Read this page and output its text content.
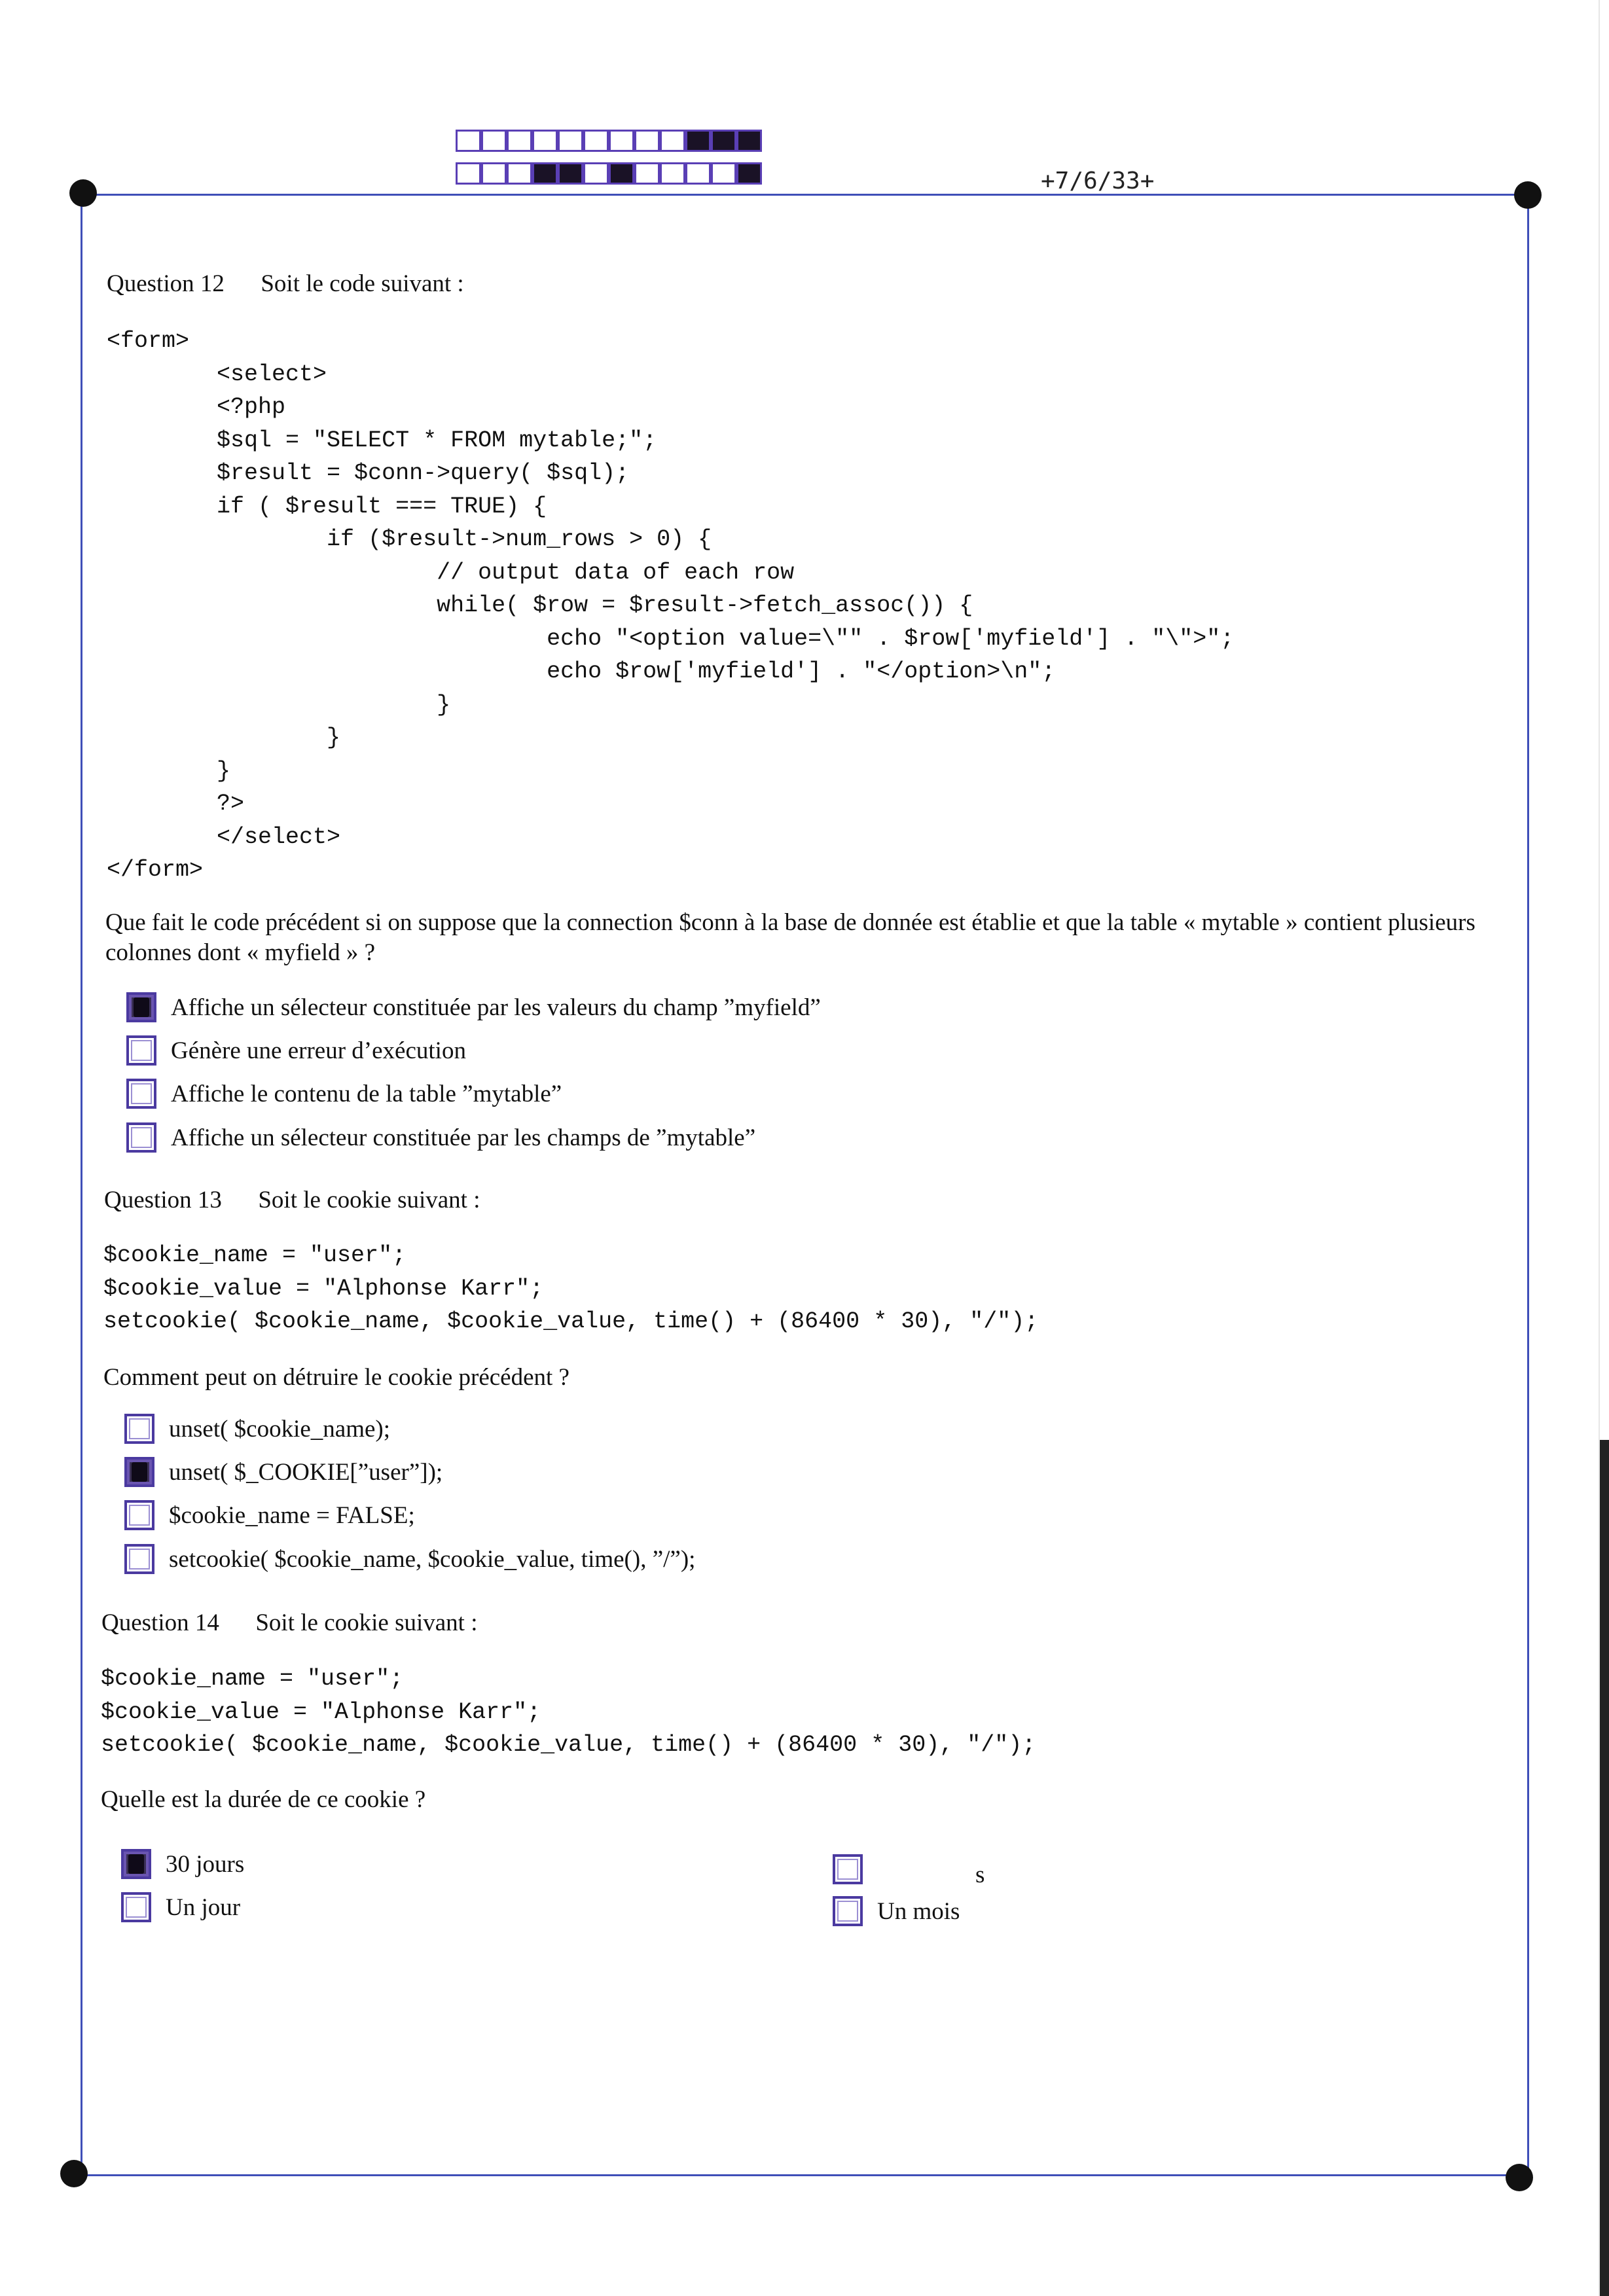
+7/6/33+
Question 12 Soit le code suivant :
<form>
<select>
<?php
$sql = "SELECT * FROM mytable;";
$result = $conn->query( $sql);
if ( $result === TRUE) {
if ($result->num_rows > 0) {
// output data of each row
while( $row = $result->fetch_assoc()) {
echo "<option value=\"" . $row['myfield'] . "\">";
echo $row['myfield'] . "</option>\n";
}
}
}
?>
</select>
</form>
Que fait le code précédent si on suppose que la connection $conn à la base de donnée est établie et que la table « mytable » contient plusieurs colonnes dont « myfield » ?
Affiche un sélecteur constituée par les valeurs du champ ”myfield”
Génère une erreur d’exécution
Affiche le contenu de la table ”mytable”
Affiche un sélecteur constituée par les champs de ”mytable”
Question 13 Soit le cookie suivant :
$cookie_name = "user";
$cookie_value = "Alphonse Karr";
setcookie( $cookie_name, $cookie_value, time() + (86400 * 30), "/");
Comment peut on détruire le cookie précédent ?
unset( $cookie_name);
unset( $_COOKIE[”user”]);
$cookie_name = FALSE;
setcookie( $cookie_name, $cookie_value, time(), ”/”);
Question 14 Soit le cookie suivant :
$cookie_name = "user";
$cookie_value = "Alphonse Karr";
setcookie( $cookie_name, $cookie_value, time() + (86400 * 30), "/");
Quelle est la durée de ce cookie ?
30 jours	s
Un jour	Un mois
